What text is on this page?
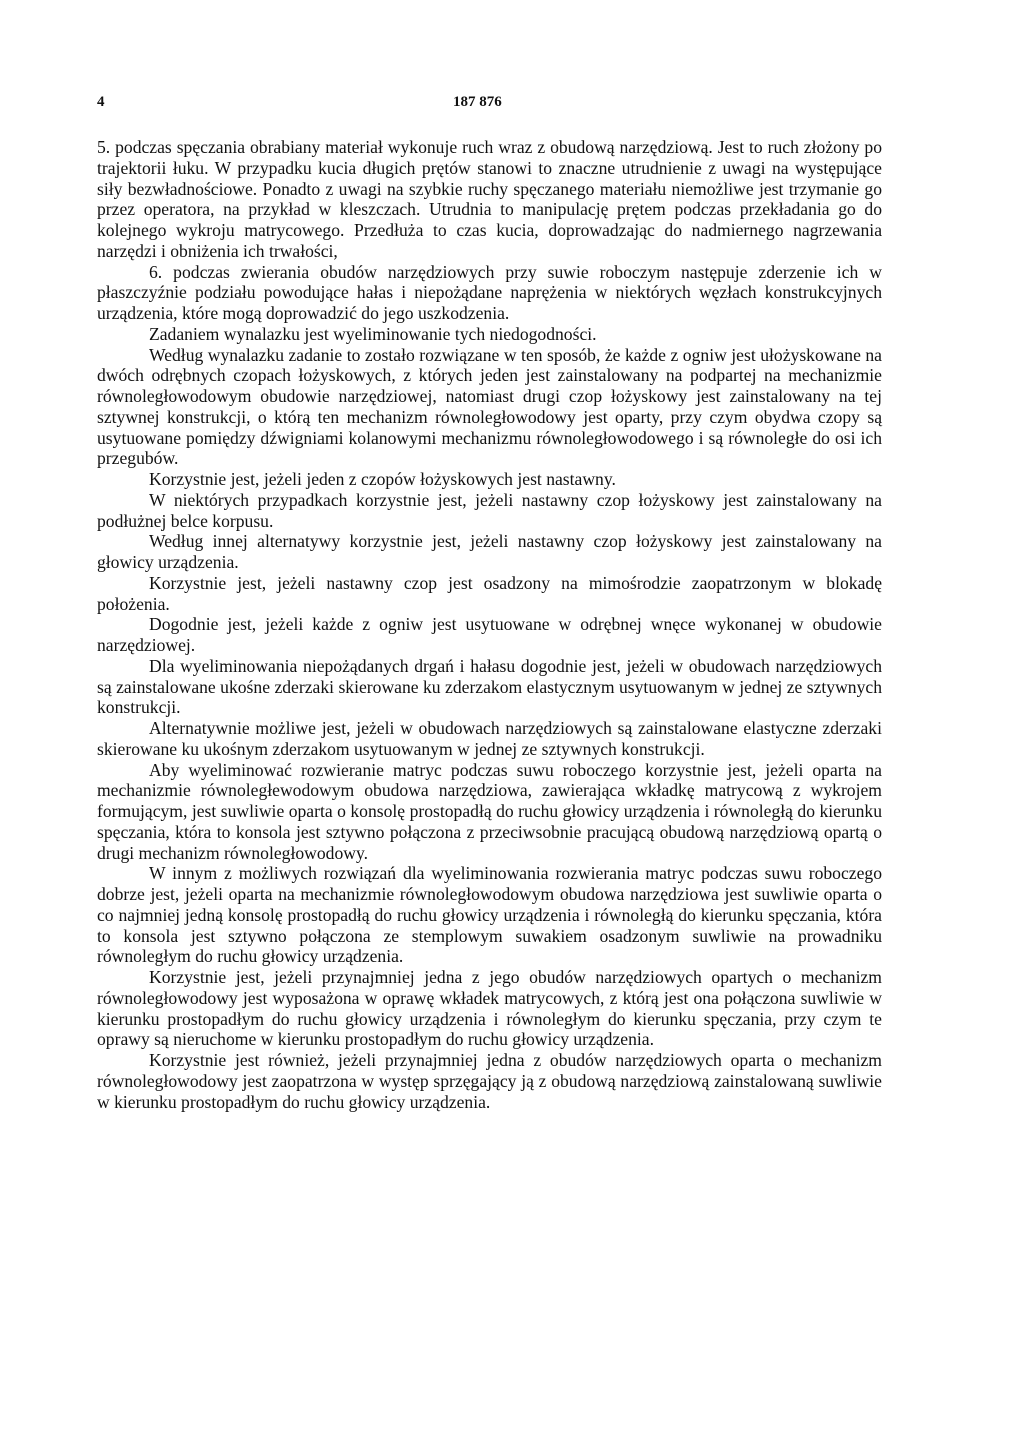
4	187 876

5. podczas spęczania obrabiany materiał wykonuje ruch wraz z obudową narzędziową. Jest to ruch złożony po trajektorii łuku. W przypadku kucia długich prętów stanowi to znaczne utrudnienie z uwagi na występujące siły bezwładnościowe. Ponadto z uwagi na szybkie ruchy spęczanego materiału niemożliwe jest trzymanie go przez operatora, na przykład w kleszczach. Utrudnia to manipulację prętem podczas przekładania go do kolejnego wykroju matrycowego. Przedłuża to czas kucia, doprowadzając do nadmiernego nagrzewania narzędzi i obniżenia ich trwałości,

6. podczas zwierania obudów narzędziowych przy suwie roboczym następuje zderzenie ich w płaszczyźnie podziału powodujące hałas i niepożądane naprężenia w niektórych węzłach konstrukcyjnych urządzenia, które mogą doprowadzić do jego uszkodzenia.

Zadaniem wynalazku jest wyeliminowanie tych niedogodności.

Według wynalazku zadanie to zostało rozwiązane w ten sposób, że każde z ogniw jest ułożyskowane na dwóch odrębnych czopach łożyskowych, z których jeden jest zainstalowany na podpartej na mechanizmie równoległowodowym obudowie narzędziowej, natomiast drugi czop łożyskowy jest zainstalowany na tej sztywnej konstrukcji, o którą ten mechanizm równoległowodowy jest oparty, przy czym obydwa czopy są usytuowane pomiędzy dźwigniami kolanowymi mechanizmu równoległowodowego i są równoległe do osi ich przegubów.

Korzystnie jest, jeżeli jeden z czopów łożyskowych jest nastawny.

W niektórych przypadkach korzystnie jest, jeżeli nastawny czop łożyskowy jest zainstalowany na podłużnej belce korpusu.

Według innej alternatywy korzystnie jest, jeżeli nastawny czop łożyskowy jest zainstalowany na głowicy urządzenia.

Korzystnie jest, jeżeli nastawny czop jest osadzony na mimośrodzie zaopatrzonym w blokadę położenia.

Dogodnie jest, jeżeli każde z ogniw jest usytuowane w odrębnej wnęce wykonanej w obudowie narzędziowej.

Dla wyeliminowania niepożądanych drgań i hałasu dogodnie jest, jeżeli w obudowach narzędziowych są zainstalowane ukośne zderzaki skierowane ku zderzakom elastycznym usytuowanym w jednej ze sztywnych konstrukcji.

Alternatywnie możliwe jest, jeżeli w obudowach narzędziowych są zainstalowane elastyczne zderzaki skierowane ku ukośnym zderzakom usytuowanym w jednej ze sztywnych konstrukcji.

Aby wyeliminować rozwieranie matryc podczas suwu roboczego korzystnie jest, jeżeli oparta na mechanizmie równoległewodowym obudowa narzędziowa, zawierająca wkładkę matrycową z wykrojem formującym, jest suwliwie oparta o konsolę prostopadłą do ruchu głowicy urządzenia i równoległą do kierunku spęczania, która to konsola jest sztywno połączona z przeciwsobnie pracującą obudową narzędziową opartą o drugi mechanizm równoległowodowy.

W innym z możliwych rozwiązań dla wyeliminowania rozwierania matryc podczas suwu roboczego dobrze jest, jeżeli oparta na mechanizmie równoległowodowym obudowa narzędziowa jest suwliwie oparta o co najmniej jedną konsolę prostopadłą do ruchu głowicy urządzenia i równoległą do kierunku spęczania, która to konsola jest sztywno połączona ze stemplowym suwakiem osadzonym suwliwie na prowadniku równoległym do ruchu głowicy urządzenia.

Korzystnie jest, jeżeli przynajmniej jedna z jego obudów narzędziowych opartych o mechanizm równoległowodowy jest wyposażona w oprawę wkładek matrycowych, z którą jest ona połączona suwliwie w kierunku prostopadłym do ruchu głowicy urządzenia i równoległym do kierunku spęczania, przy czym te oprawy są nieruchome w kierunku prostopadłym do ruchu głowicy urządzenia.

Korzystnie jest również, jeżeli przynajmniej jedna z obudów narzędziowych oparta o mechanizm równoległowodowy jest zaopatrzona w występ sprzęgający ją z obudową narzędziową zainstalowaną suwliwie w kierunku prostopadłym do ruchu głowicy urządzenia.
